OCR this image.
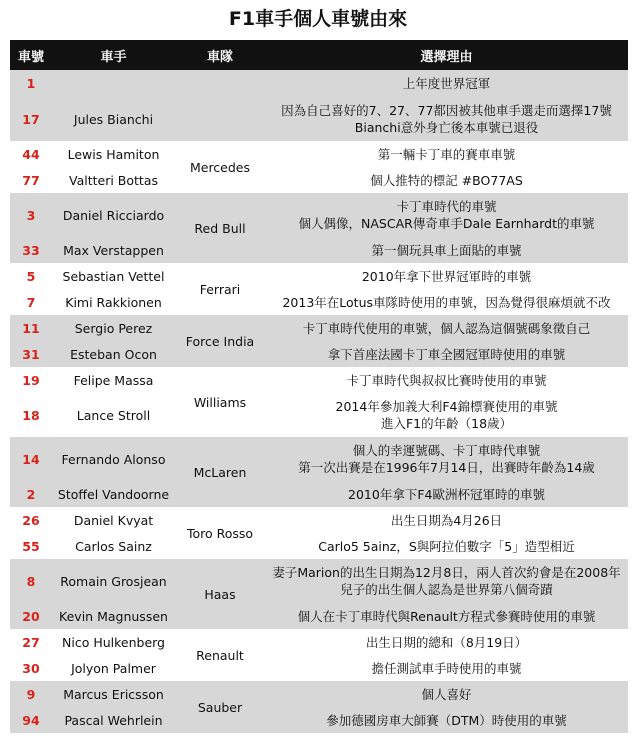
F1車手個人車號由來
車號	車手	車隊	選擇理由
1			上年度世界冠軍

17	Jules Bianchi		因為自己喜好的7、27、77都因被其他車手選走而選擇17號
Bianchi意外身亡後本車號已退役

44	Lewis Hamiton	Mercedes	第一輛卡丁車的賽車車號

77	Valtteri Bottas		個人推特的標記 #BO77AS

3	Daniel Ricciardo	Red Bull	卡丁車時代的車號
個人偶像，NASCAR傳奇車手Dale Earnhardt的車號

33	Max Verstappen		第一個玩具車上面貼的車號

5	Sebastian Vettel	Ferrari	2010年拿下世界冠軍時的車號

7	Kimi Rakkionen		2013年在Lotus車隊時使用的車號，因為覺得很麻煩就不改

11	Sergio Perez	Force India	卡丁車時代使用的車號，個人認為這個號碼象徵自己

31	Esteban Ocon		拿下首座法國卡丁車全國冠軍時使用的車號

19	Felipe Massa	Williams	卡丁車時代與叔叔比賽時使用的車號

18	Lance Stroll		2014年參加義大利F4錦標賽使用的車號
進入F1的年齡（18歲）

14	Fernando Alonso	McLaren	個人的幸運號碼、卡丁車時代車號
第一次出賽是在1996年7月14日，出賽時年齡為14歲

2	Stoffel Vandoorne		2010年拿下F4歐洲杯冠軍時的車號

26	Daniel Kvyat	Toro Rosso	出生日期為4月26日

55	Carlos Sainz		Carlo5 5ainz，S與阿拉伯數字「5」造型相近

8	Romain Grosjean	Haas	妻子Marion的出生日期為12月8日，兩人首次約會是在2008年
兒子的出生個人認為是世界第八個奇蹟

20	Kevin Magnussen		個人在卡丁車時代與Renault方程式參賽時使用的車號

27	Nico Hulkenberg	Renault	出生日期的總和（8月19日）

30	Jolyon Palmer		擔任測試車手時使用的車號

9	Marcus Ericsson	Sauber	個人喜好

94	Pascal Wehrlein		參加德國房車大師賽（DTM）時使用的車號
